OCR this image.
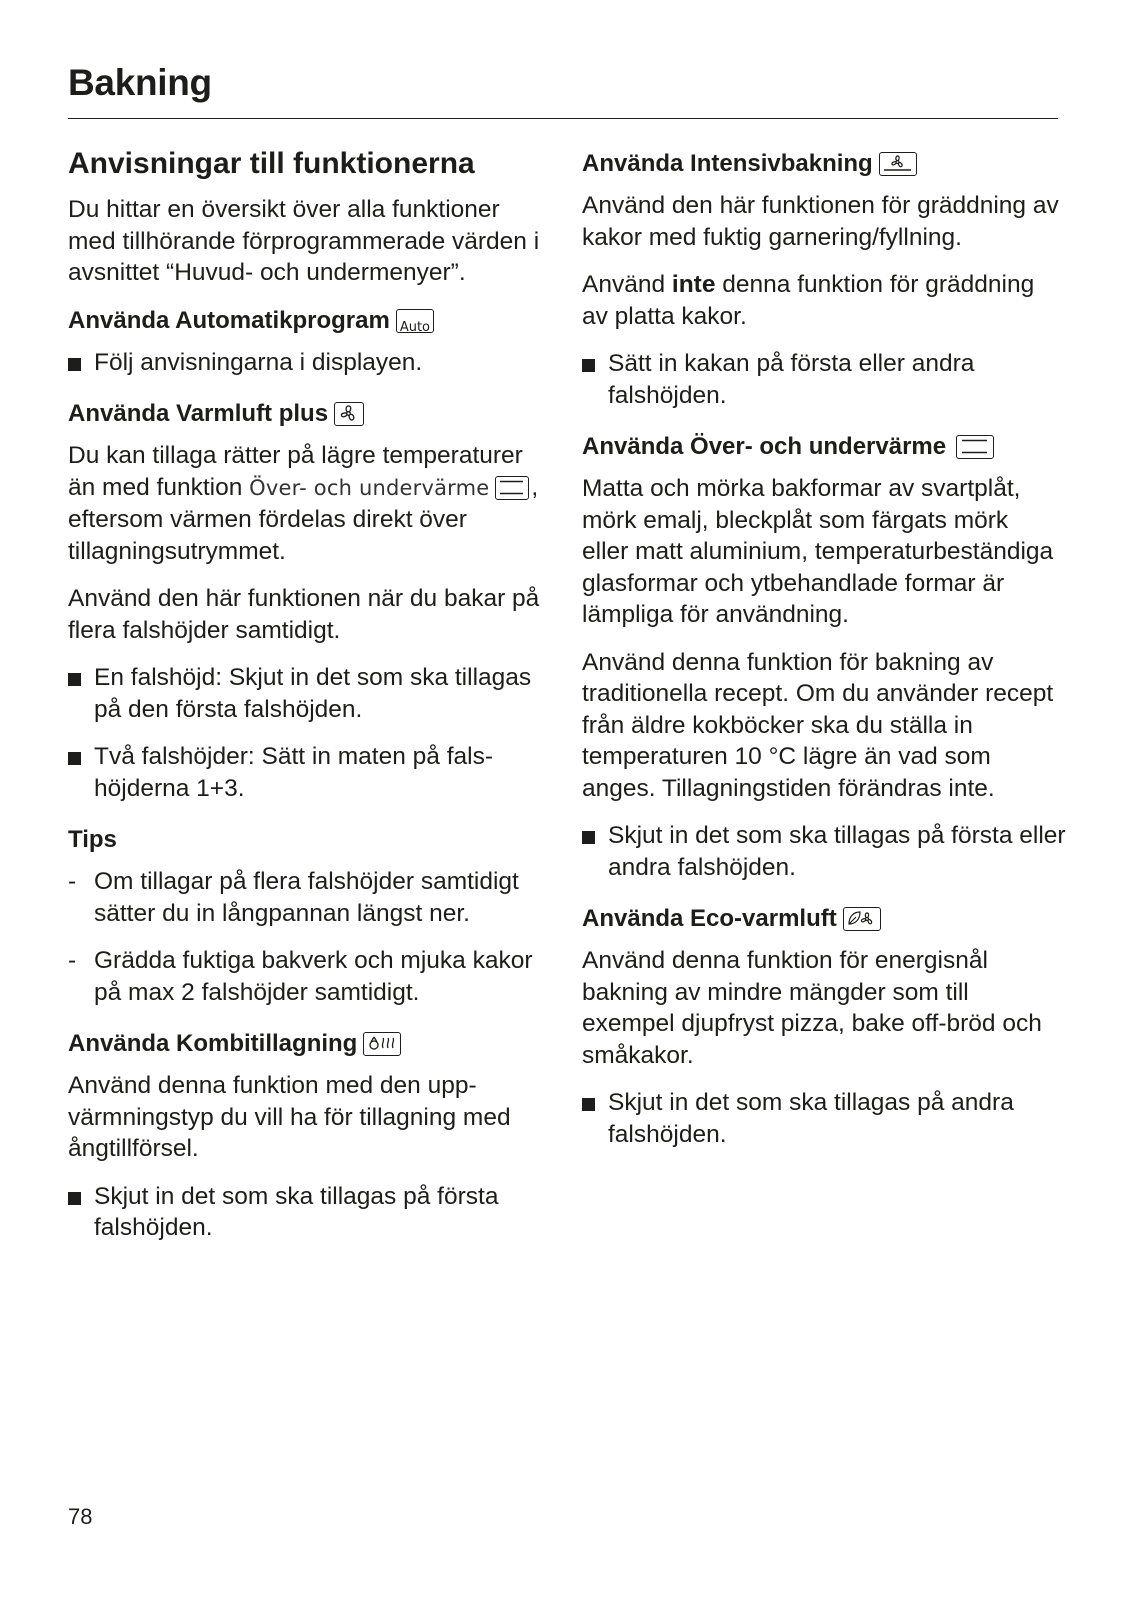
Bakning
Anvisningar till funktionerna

Du hittar en översikt över alla funktioner med tillhörande förprogrammerade värden i avsnittet “Huvud- och undermenyer”.

Använda Automatikprogram Auto
Följ anvisningarna i displayen.
Använda Varmluft plus

Du kan tillaga rätter på lägre temperaturer än med funktion Över- och undervärme , eftersom värmen fördelas direkt över tillagningsutrymmet.

Använd den här funktionen när du bakar på flera falshöjder samtidigt.

En falshöjd: Skjut in det som ska tillagas på den första falshöjden.
Två falshöjder: Sätt in maten på falshöjderna 1+3.
Tips
- Om tillagar på flera falshöjder samtidigt sätter du in långpannan längst ner.
- Grädda fuktiga bakverk och mjuka kakor på max 2 falshöjder samtidigt.
Använda Kombitillagning

Använd denna funktion med den uppvärmningstyp du vill ha för tillagning med ångtillförsel.

Skjut in det som ska tillagas på första falshöjden.
Använda Intensivbakning

Använd den här funktionen för gräddning av kakor med fuktig garnering/fyllning.

Använd inte denna funktion för gräddning av platta kakor.

Sätt in kakan på första eller andra falshöjden.
Använda Över- och undervärme

Matta och mörka bakformar av svartplåt, mörk emalj, bleckplåt som färgats mörk eller matt aluminium, temperaturbeständiga glasformar och ytbehandlade formar är lämpliga för användning.

Använd denna funktion för bakning av traditionella recept. Om du använder recept från äldre kokböcker ska du ställa in temperaturen 10 °C lägre än vad som anges. Tillagningstiden förändras inte.

Skjut in det som ska tillagas på första eller andra falshöjden.
Använda Eco-varmluft

Använd denna funktion för energisnål bakning av mindre mängder som till exempel djupfryst pizza, bake off-bröd och småkakor.

Skjut in det som ska tillagas på andra falshöjden.
78
